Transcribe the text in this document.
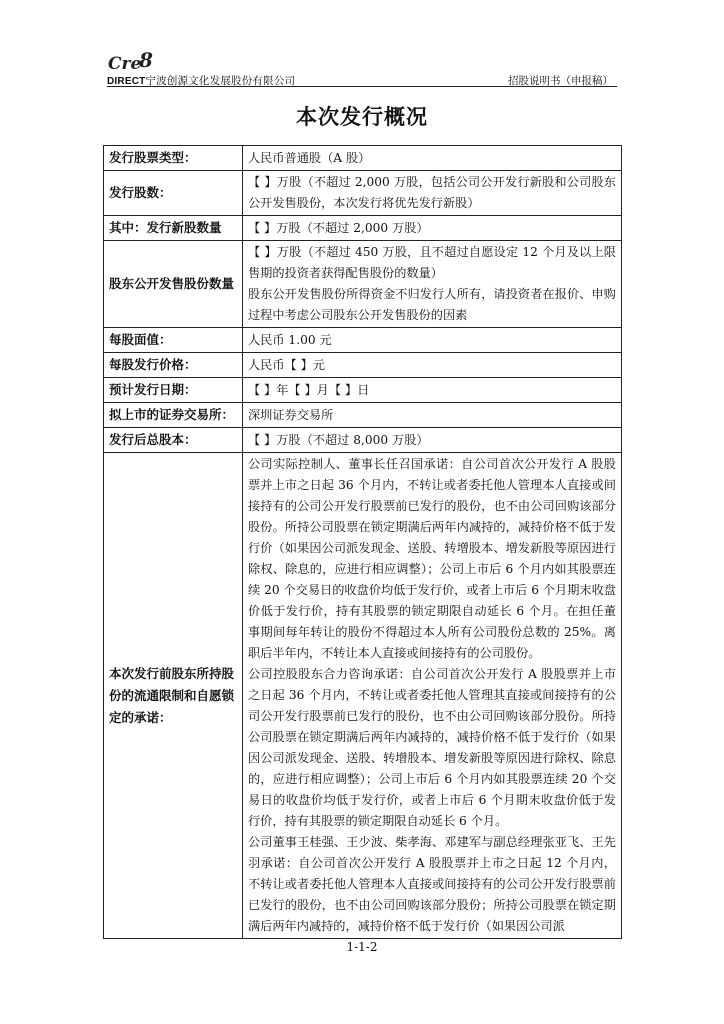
Cre
8
DIRECT宁波创源文化发展股份有限公司	招股说明书（申报稿）
本次发行概况
发行股票类型：	人民币普通股（A 股）

发行股数：	【 】万股（不超过 2,000 万股，包括公司公开发行新股和公司股东公开发售股份，本次发行将优先发行新股）

其中：发行新股数量	【 】万股（不超过 2,000 万股）

股东公开发售股份数量	【 】万股（不超过 450 万股，且不超过自愿设定 12 个月及以上限售期的投资者获得配售股份的数量）
股东公开发售股份所得资金不归发行人所有，请投资者在报价、申购过程中考虑公司股东公开发售股份的因素

每股面值：	人民币 1.00 元

每股发行价格：	人民币【 】元

预计发行日期：	【 】年【 】月【 】日

拟上市的证券交易所：	深圳证券交易所

发行后总股本：	【 】万股（不超过 8,000 万股）

本次发行前股东所持股份的流通限制和自愿锁定的承诺：	公司实际控制人、董事长任召国承诺：自公司首次公开发行 A 股股票并上市之日起 36 个月内，不转让或者委托他人管理本人直接或间接持有的公司公开发行股票前已发行的股份，也不由公司回购该部分股份。所持公司股票在锁定期满后两年内减持的，减持价格不低于发行价（如果因公司派发现金、送股、转增股本、增发新股等原因进行除权、除息的，应进行相应调整）；公司上市后 6 个月内如其股票连续 20 个交易日的收盘价均低于发行价，或者上市后 6 个月期末收盘价低于发行价，持有其股票的锁定期限自动延长 6 个月。在担任董事期间每年转让的股份不得超过本人所有公司股份总数的 25%。离职后半年内，不转让本人直接或间接持有的公司股份。
公司控股股东合力咨询承诺：自公司首次公开发行 A 股股票并上市之日起 36 个月内，不转让或者委托他人管理其直接或间接持有的公司公开发行股票前已发行的股份，也不由公司回购该部分股份。所持公司股票在锁定期满后两年内减持的，减持价格不低于发行价（如果因公司派发现金、送股、转增股本、增发新股等原因进行除权、除息的，应进行相应调整）；公司上市后 6 个月内如其股票连续 20 个交易日的收盘价均低于发行价，或者上市后 6 个月期末收盘价低于发行价，持有其股票的锁定期限自动延长 6 个月。
公司董事王桂强、王少波、柴孝海、邓建军与副总经理张亚飞、王先羽承诺：自公司首次公开发行 A 股股票并上市之日起 12 个月内，不转让或者委托他人管理本人直接或间接持有的公司公开发行股票前已发行的股份，也不由公司回购该部分股份；所持公司股票在锁定期满后两年内减持的，减持价格不低于发行价（如果因公司派
1-1-2
